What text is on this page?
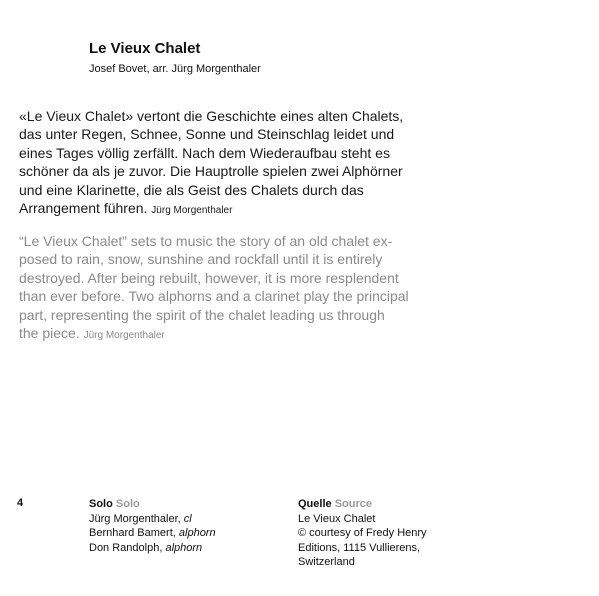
Le Vieux Chalet
Josef Bovet, arr. Jürg Morgenthaler
«Le Vieux Chalet» vertont die Geschichte eines alten Chalets,
das unter Regen, Schnee, Sonne und Steinschlag leidet und
eines Tages völlig zerfällt. Nach dem Wiederaufbau steht es
schöner da als je zuvor. Die Hauptrolle spielen zwei Alphörner
und eine Klarinette, die als Geist des Chalets durch das
Arrangement führen. Jürg Morgenthaler
“Le Vieux Chalet” sets to music the story of an old chalet ex-
posed to rain, snow, sunshine and rockfall until it is entirely
destroyed. After being rebuilt, however, it is more resplendent
than ever before. Two alphorns and a clarinet play the principal
part, representing the spirit of the chalet leading us through
the piece. Jürg Morgenthaler
4	Solo Solo
Jürg Morgenthaler, cl
Bernhard Bamert, alphorn
Don Randolph, alphorn
Quelle Source
Le Vieux Chalet
© courtesy of Fredy Henry
Editions, 1115 Vullierens,
Switzerland
